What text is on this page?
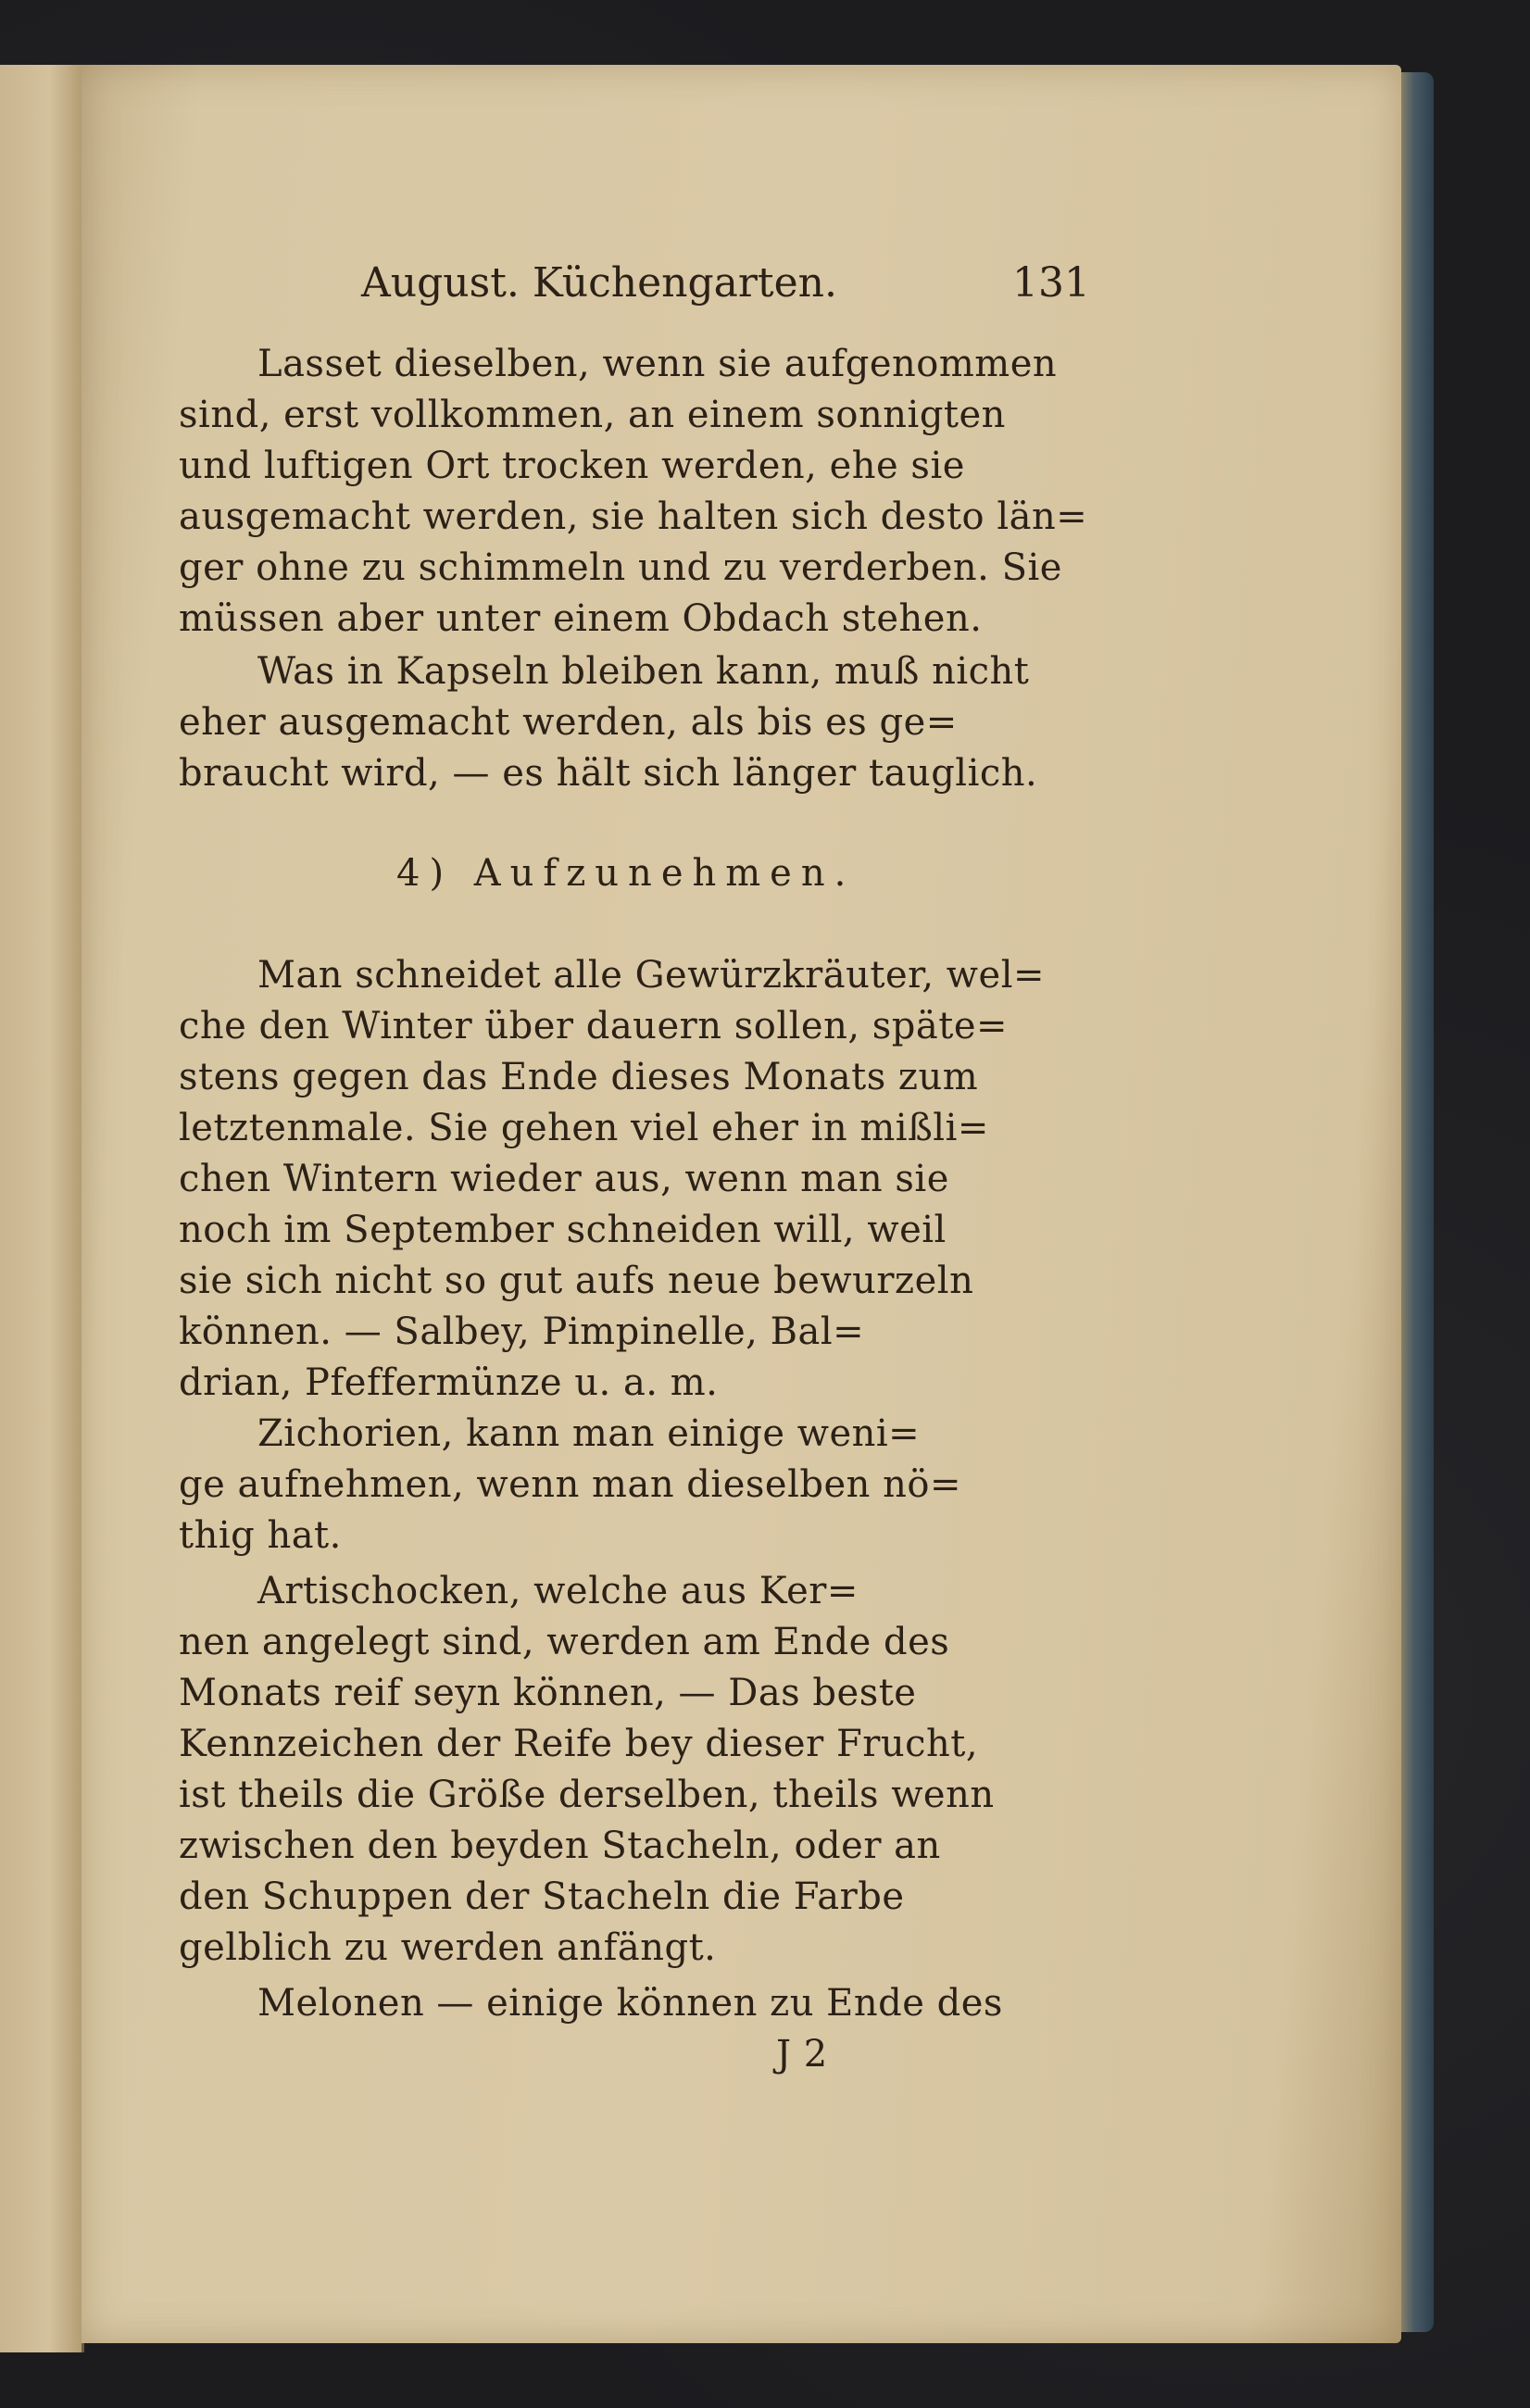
August. Küchengarten.	131
Lasset dieselben, wenn sie aufgenommen
sind, erst vollkommen, an einem sonnigten
und luftigen Ort trocken werden, ehe sie
ausgemacht werden, sie halten sich desto län=
ger ohne zu schimmeln und zu verderben. Sie
müssen aber unter einem Obdach stehen.
Was in Kapseln bleiben kann, muß nicht
eher ausgemacht werden, als bis es ge=
braucht wird, — es hält sich länger tauglich.
4) Aufzunehmen.
Man schneidet alle Gewürzkräuter, wel=
che den Winter über dauern sollen, späte=
stens gegen das Ende dieses Monats zum
letztenmale. Sie gehen viel eher in mißli=
chen Wintern wieder aus, wenn man sie
noch im September schneiden will, weil
sie sich nicht so gut aufs neue bewurzeln
können. — Salbey, Pimpinelle, Bal=
drian, Pfeffermünze u. a. m.
Zichorien, kann man einige weni=
ge aufnehmen, wenn man dieselben nö=
thig hat.
Artischocken, welche aus Ker=
nen angelegt sind, werden am Ende des
Monats reif seyn können, — Das beste
Kennzeichen der Reife bey dieser Frucht,
ist theils die Größe derselben, theils wenn
zwischen den beyden Stacheln, oder an
den Schuppen der Stacheln die Farbe
gelblich zu werden anfängt.
Melonen — einige können zu Ende des
J 2
